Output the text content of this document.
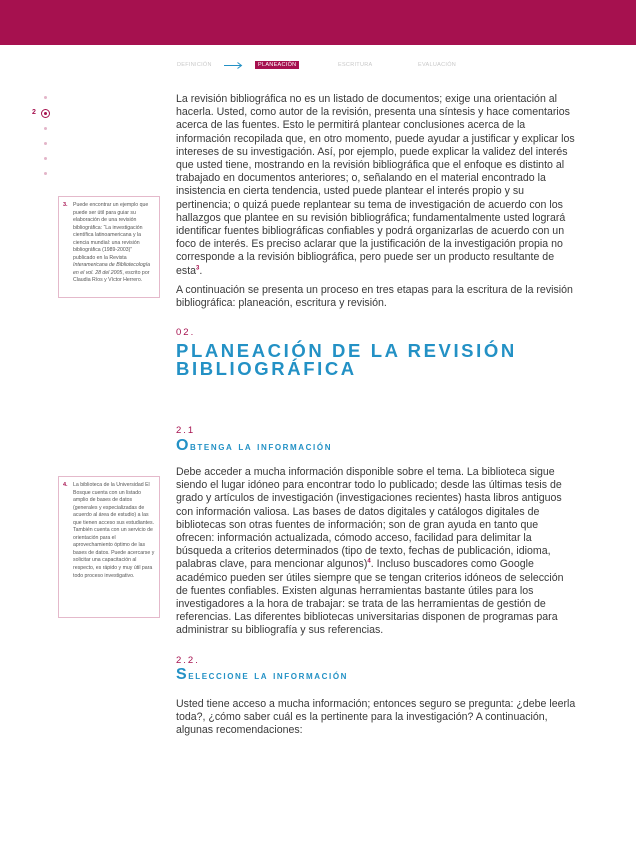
DEFINICIÓN	PLANEACIÓN	ESCRITURA	EVALUACIÓN
2
3. Puede encontrar un ejemplo que puede ser útil para guiar su elaboración de una revisión bibliográfica: “La investigación científica latinoamericana y la ciencia mundial: una revisión bibliográfica (1989-2003)” publicado en la Revista Interamericana de Bibliotecología en el vol. 28 del 2005, escrito por Claudia Ríos y Víctor Herrero.
4. La biblioteca de la Universidad El Bosque cuenta con un listado amplio de bases de datos (generales y especializadas de acuerdo al área de estudio) a las que tienen acceso sus estudiantes. También cuenta con un servicio de orientación para el aprovechamiento óptimo de las bases de datos. Puede acercarse y solicitar una capacitación al respecto, es rápido y muy útil para todo proceso investigativo.
La revisión bibliográfica no es un listado de documentos; exige una orientación al hacerla. Usted, como autor de la revisión, presenta una síntesis y hace comentarios acerca de las fuentes. Esto le permitirá plantear conclusiones acerca de la información recopilada que, en otro momento, puede ayudar a justificar y explicar los intereses de su investigación. Así, por ejemplo, puede explicar la validez del interés que usted tiene, mostrando en la revisión bibliográfica que el enfoque es distinto al trabajado en documentos anteriores; o, señalando en el material encontrado la insistencia en cierta tendencia, usted puede plantear el interés propio y su pertinencia; o quizá puede replantear su tema de investigación de acuerdo con los hallazgos que plantee en su revisión bibliográfica; fundamentalmente usted logrará identificar fuentes bibliográficas confiables y podrá organizarlas de acuerdo con un foco de interés. Es preciso aclarar que la justificación de la investigación propia no corresponde a la revisión bibliográfica, pero puede ser un producto resultante de esta$^3$.
A continuación se presenta un proceso en tres etapas para la escritura de la revisión bibliográfica: planeación, escritura y revisión.
02.
PLANEACIÓN DE LA REVISIÓN
BIBLIOGRÁFICA
2.1
Obtenga la información
Debe acceder a mucha información disponible sobre el tema. La biblioteca sigue siendo el lugar idóneo para encontrar todo lo publicado; desde las últimas tesis de grado y artículos de investigación (investigaciones recientes) hasta libros antiguos con información valiosa. Las bases de datos digitales y catálogos digitales de bibliotecas son otras fuentes de información; son de gran ayuda en tanto que ofrecen: información actualizada, cómodo acceso, facilidad para delimitar la búsqueda a criterios determinados (tipo de texto, fechas de publicación, idioma, palabras clave, para mencionar algunos)$^4$. Incluso buscadores como Google académico pueden ser útiles siempre que se tengan criterios idóneos de selección de fuentes confiables. Existen algunas herramientas bastante útiles para los investigadores a la hora de trabajar: se trata de las herramientas de gestión de referencias. Las diferentes bibliotecas universitarias disponen de programas para administrar su bibliografía y sus referencias.
2.2.
Seleccione la información
Usted tiene acceso a mucha información; entonces seguro se pregunta: ¿debe leerla toda?, ¿cómo saber cuál es la pertinente para la investigación? A continuación, algunas recomendaciones:
